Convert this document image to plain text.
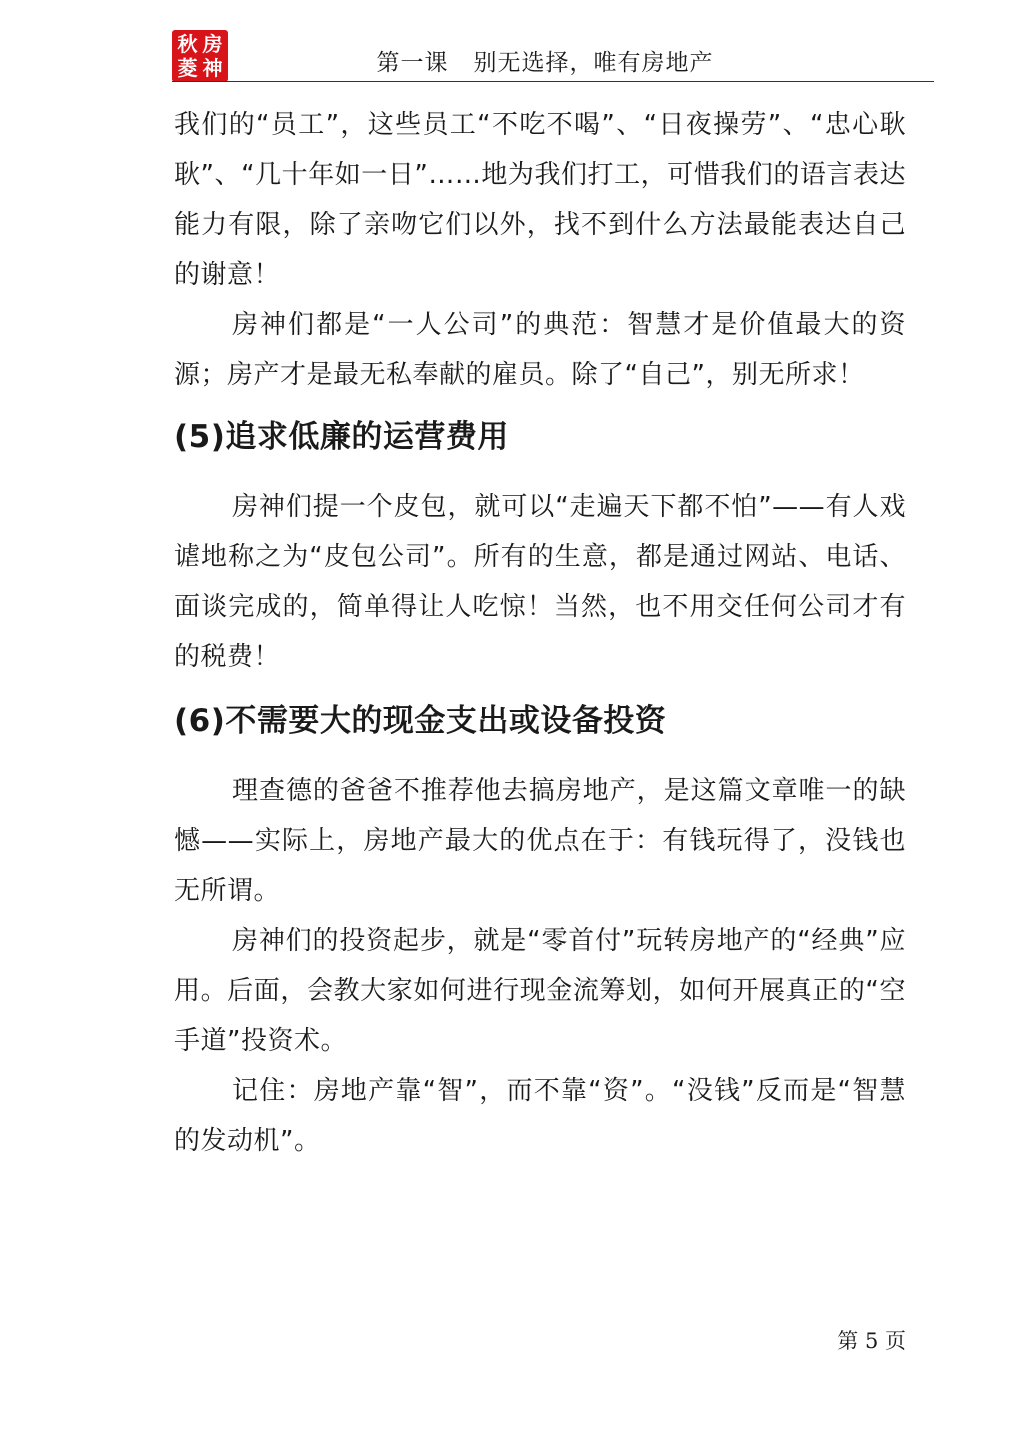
秋 房
菱 神	第一课   别无选择，唯有房地产

我们的“员工”，这些员工“不吃不喝”、“日夜操劳”、“忠心耿耿”、“几十年如一日”……地为我们打工，可惜我们的语言表达能力有限，除了亲吻它们以外，找不到什么方法最能表达自己的谢意！

房神们都是“一人公司”的典范：智慧才是价值最大的资源；房产才是最无私奉献的雇员。除了“自己”，别无所求！

(5)追求低廉的运营费用

房神们提一个皮包，就可以“走遍天下都不怕”——有人戏谑地称之为“皮包公司”。所有的生意，都是通过网站、电话、面谈完成的，简单得让人吃惊！当然，也不用交任何公司才有的税费！

(6)不需要大的现金支出或设备投资

理查德的爸爸不推荐他去搞房地产，是这篇文章唯一的缺憾——实际上，房地产最大的优点在于：有钱玩得了，没钱也无所谓。

房神们的投资起步，就是“零首付”玩转房地产的“经典”应用。后面，会教大家如何进行现金流筹划，如何开展真正的“空手道”投资术。

记住：房地产靠“智”，而不靠“资”。“没钱”反而是“智慧的发动机”。

第 5 页
